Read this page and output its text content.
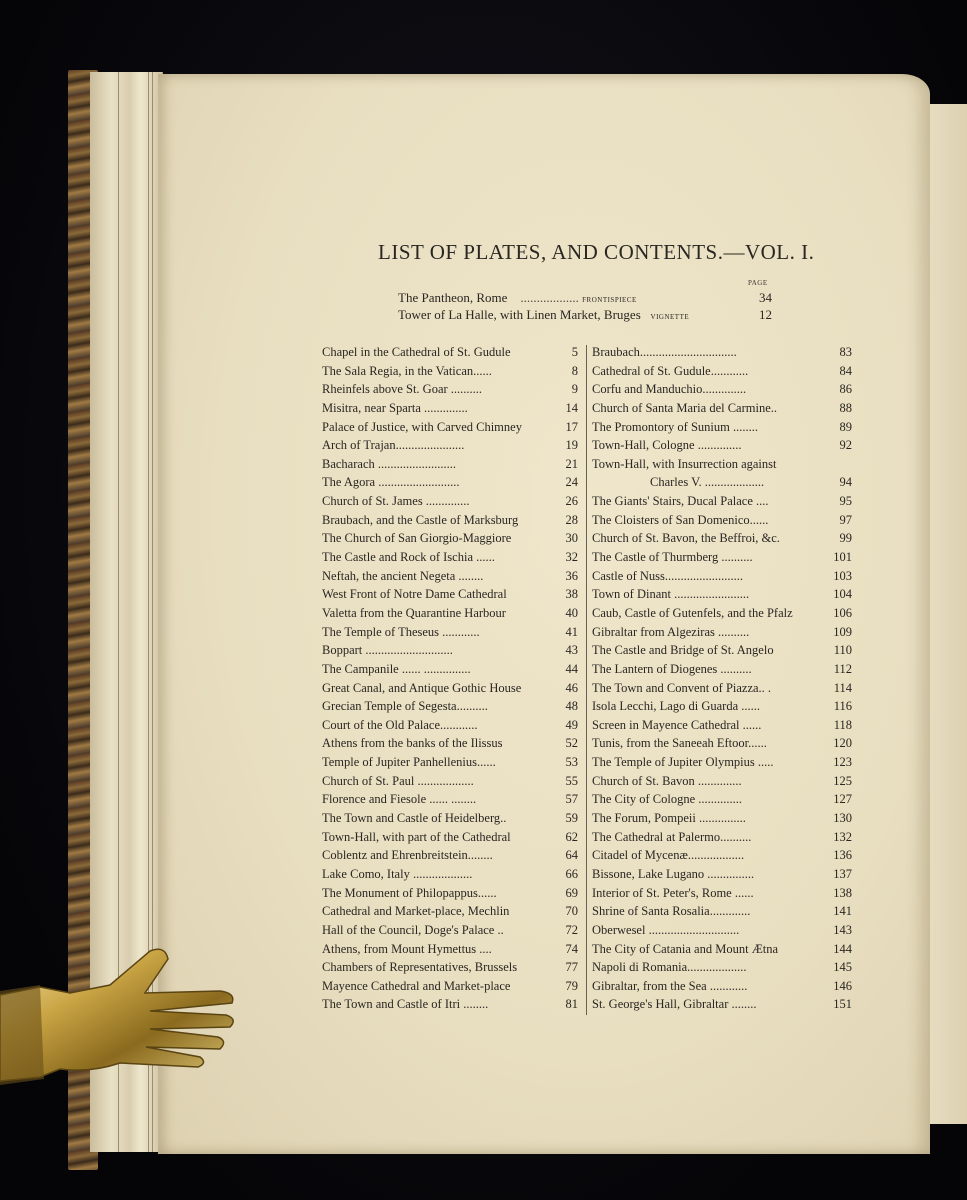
LIST OF PLATES, AND CONTENTS.—VOL. I.
PAGE
The Pantheon, Rome    .................. FRONTISPIECE	34
Tower of La Halle, with Linen Market, Bruges VIGNETTE	12
Chapel in the Cathedral of St. Gudule	5
The Sala Regia, in the Vatican......	8
Rheinfels above St. Goar ..........	9
Misitra, near Sparta ..............	14
Palace of Justice, with Carved Chimney	17
Arch of Trajan......................	19
Bacharach .........................	21
The Agora ..........................	24
Church of St. James ..............	26
Braubach, and the Castle of Marksburg	28
The Church of San Giorgio-Maggiore	30
The Castle and Rock of Ischia ......	32
Neftah, the ancient Negeta ........	36
West Front of Notre Dame Cathedral	38
Valetta from the Quarantine Harbour	40
The Temple of Theseus ............	41
Boppart ............................	43
The Campanile ...... ...............	44
Great Canal, and Antique Gothic House	46
Grecian Temple of Segesta..........	48
Court of the Old Palace............	49
Athens from the banks of the Ilissus	52
Temple of Jupiter Panhellenius......	53
Church of St. Paul ..................	55
Florence and Fiesole ...... ........	57
The Town and Castle of Heidelberg..	59
Town-Hall, with part of the Cathedral	62
Coblentz and Ehrenbreitstein........	64
Lake Como, Italy ...................	66
The Monument of Philopappus......	69
Cathedral and Market-place, Mechlin	70
Hall of the Council, Doge's Palace ..	72
Athens, from Mount Hymettus ....	74
Chambers of Representatives, Brussels	77
Mayence Cathedral and Market-place	79
The Town and Castle of Itri ........	81
Braubach...............................	83
Cathedral of St. Gudule............	84
Corfu and Manduchio..............	86
Church of Santa Maria del Carmine..	88
The Promontory of Sunium ........	89
Town-Hall, Cologne ..............	92
Town-Hall, with Insurrection against
Charles V. ...................	94
The Giants' Stairs, Ducal Palace ....	95
The Cloisters of San Domenico......	97
Church of St. Bavon, the Beffroi, &c.	99
The Castle of Thurmberg ..........	101
Castle of Nuss.........................	103
Town of Dinant ........................	104
Caub, Castle of Gutenfels, and the Pfalz	106
Gibraltar from Algeziras ..........	109
The Castle and Bridge of St. Angelo	110
The Lantern of Diogenes ..........	112
The Town and Convent of Piazza.. .	114
Isola Lecchi, Lago di Guarda ......	116
Screen in Mayence Cathedral ......	118
Tunis, from the Saneeah Eftoor......	120
The Temple of Jupiter Olympius .....	123
Church of St. Bavon ..............	125
The City of Cologne ..............	127
The Forum, Pompeii ...............	130
The Cathedral at Palermo..........	132
Citadel of Mycenæ..................	136
Bissone, Lake Lugano ...............	137
Interior of St. Peter's, Rome ......	138
Shrine of Santa Rosalia.............	141
Oberwesel .............................	143
The City of Catania and Mount Ætna	144
Napoli di Romania...................	145
Gibraltar, from the Sea ............	146
St. George's Hall, Gibraltar ........	151
